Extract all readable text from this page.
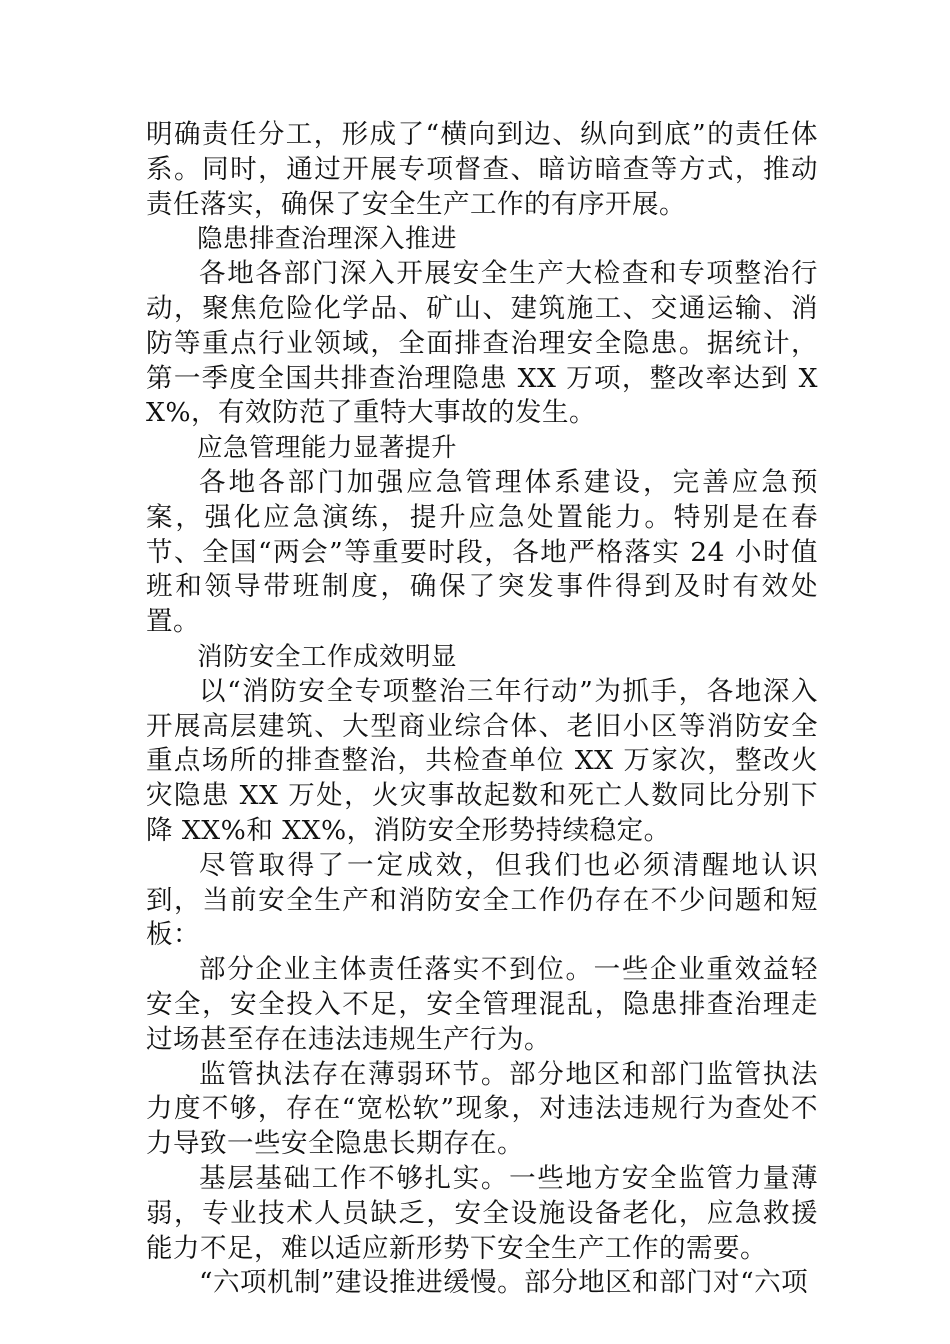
明确责任分工，形成了“横向到边、纵向到底”的责任体系。同时，通过开展专项督查、暗访暗查等方式，推动责任落实，确保了安全生产工作的有序开展。

隐患排查治理深入推进

各地各部门深入开展安全生产大检查和专项整治行动，聚焦危险化学品、矿山、建筑施工、交通运输、消防等重点行业领域，全面排查治理安全隐患。据统计，第一季度全国共排查治理隐患 XX 万项，整改率达到 XX%，有效防范了重特大事故的发生。

应急管理能力显著提升

各地各部门加强应急管理体系建设，完善应急预案，强化应急演练，提升应急处置能力。特别是在春节、全国“两会”等重要时段，各地严格落实 24 小时值班和领导带班制度，确保了突发事件得到及时有效处置。

消防安全工作成效明显

以“消防安全专项整治三年行动”为抓手，各地深入开展高层建筑、大型商业综合体、老旧小区等消防安全重点场所的排查整治，共检查单位 XX 万家次，整改火灾隐患 XX 万处，火灾事故起数和死亡人数同比分别下降 XX%和 XX%，消防安全形势持续稳定。

尽管取得了一定成效，但我们也必须清醒地认识到，当前安全生产和消防安全工作仍存在不少问题和短板：

部分企业主体责任落实不到位。一些企业重效益轻安全，安全投入不足，安全管理混乱，隐患排查治理走过场甚至存在违法违规生产行为。

监管执法存在薄弱环节。部分地区和部门监管执法力度不够，存在“宽松软”现象，对违法违规行为查处不力导致一些安全隐患长期存在。

基层基础工作不够扎实。一些地方安全监管力量薄弱，专业技术人员缺乏，安全设施设备老化，应急救援能力不足，难以适应新形势下安全生产工作的需要。

“六项机制”建设推进缓慢。部分地区和部门对“六项
